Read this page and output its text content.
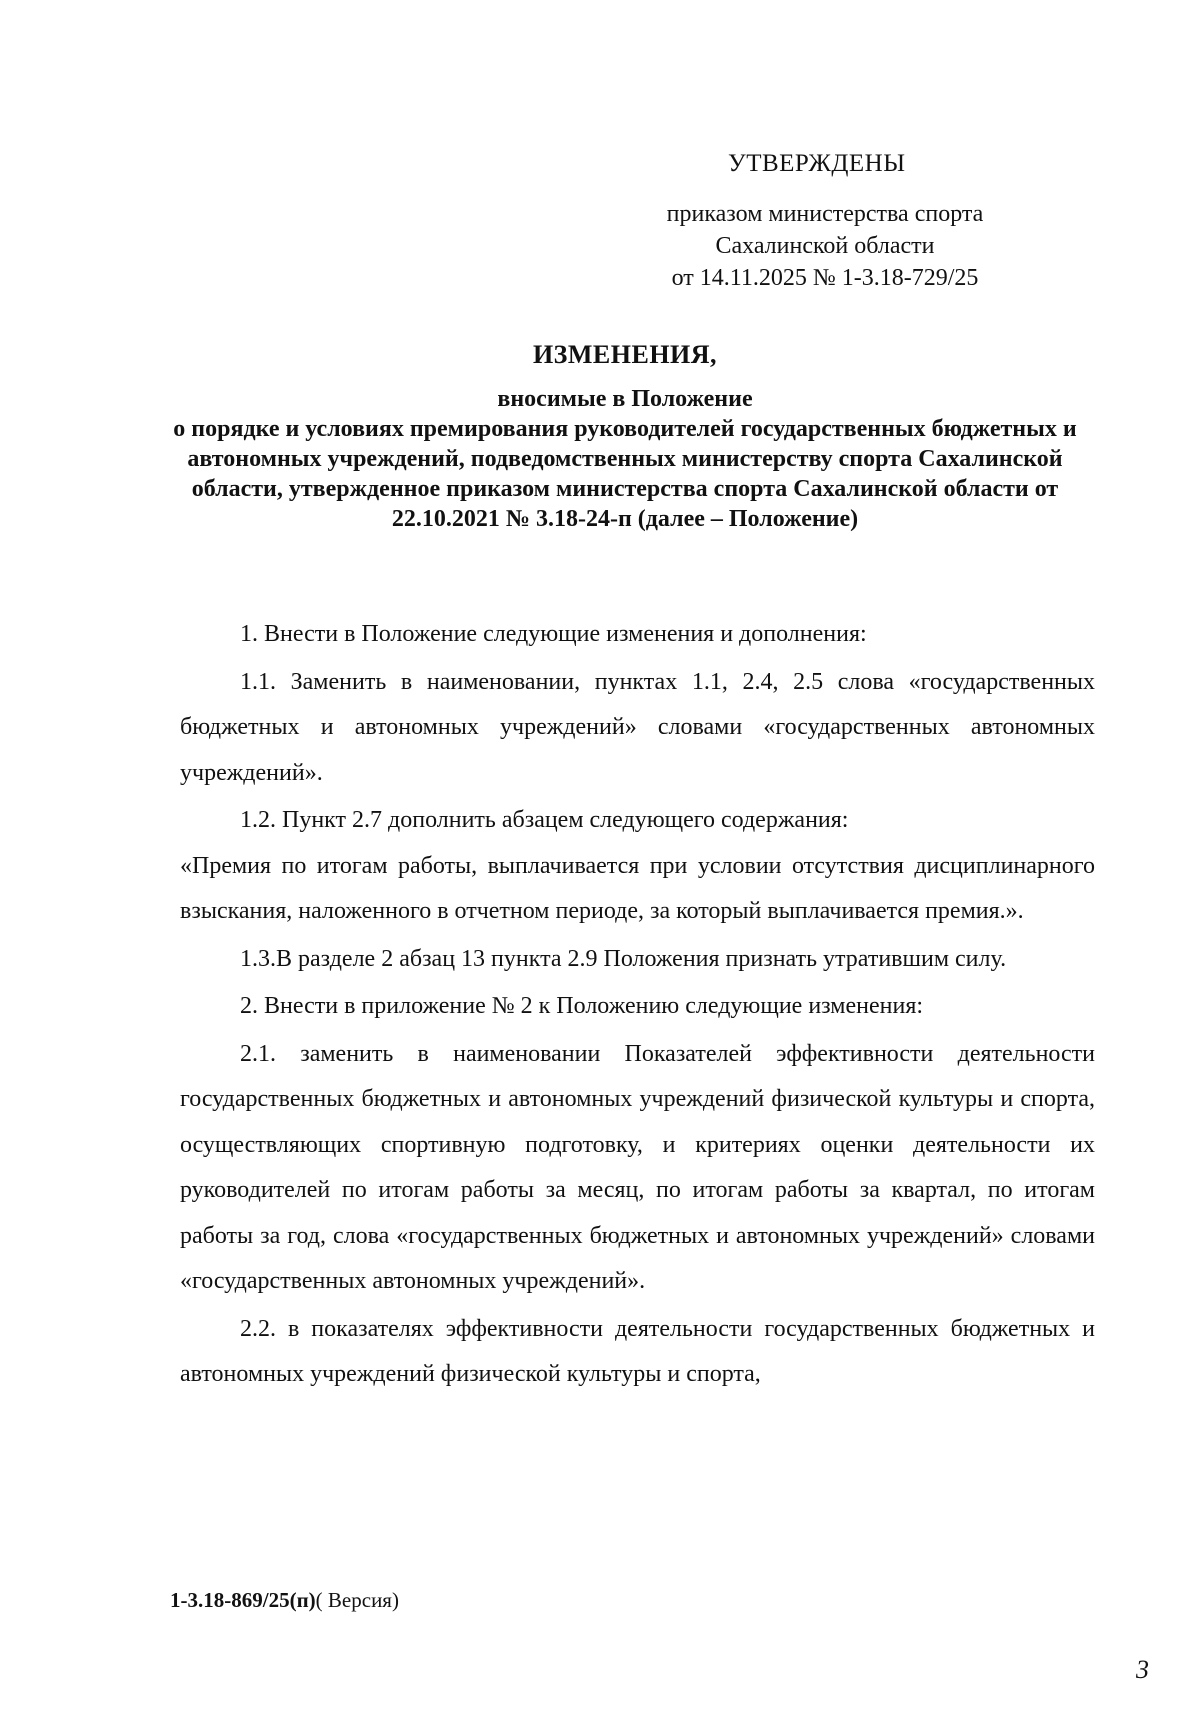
УТВЕРЖДЕНЫ
приказом министерства спорта
Сахалинской области
от 14.11.2025 № 1-3.18-729/25
ИЗМЕНЕНИЯ,
вносимые в Положение
о порядке и условиях премирования руководителей государственных бюджетных и автономных учреждений, подведомственных министерству спорта Сахалинской области, утвержденное приказом министерства спорта Сахалинской области от 22.10.2021 № 3.18-24-п (далее – Положение)

1. Внести в Положение следующие изменения и дополнения:

1.1. Заменить в наименовании, пунктах 1.1, 2.4, 2.5 слова «государственных бюджетных и автономных учреждений» словами «государственных автономных учреждений».

1.2. Пункт 2.7 дополнить абзацем следующего содержания:

«Премия по итогам работы, выплачивается при условии отсутствия дисциплинарного взыскания, наложенного в отчетном периоде, за который выплачивается премия.».

1.3.В разделе 2 абзац 13 пункта 2.9 Положения признать утратившим силу.

2. Внести в приложение № 2 к Положению следующие изменения:

2.1. заменить в наименовании Показателей эффективности деятельности государственных бюджетных и автономных учреждений физической культуры и спорта, осуществляющих спортивную подготовку, и критериях оценки деятельности их руководителей по итогам работы за месяц, по итогам работы за квартал, по итогам работы за год, слова «государственных бюджетных и автономных учреждений» словами «государственных автономных учреждений».

2.2. в показателях эффективности деятельности государственных бюджетных и автономных учреждений физической культуры и спорта,

1-3.18-869/25(п)( Версия)
3
